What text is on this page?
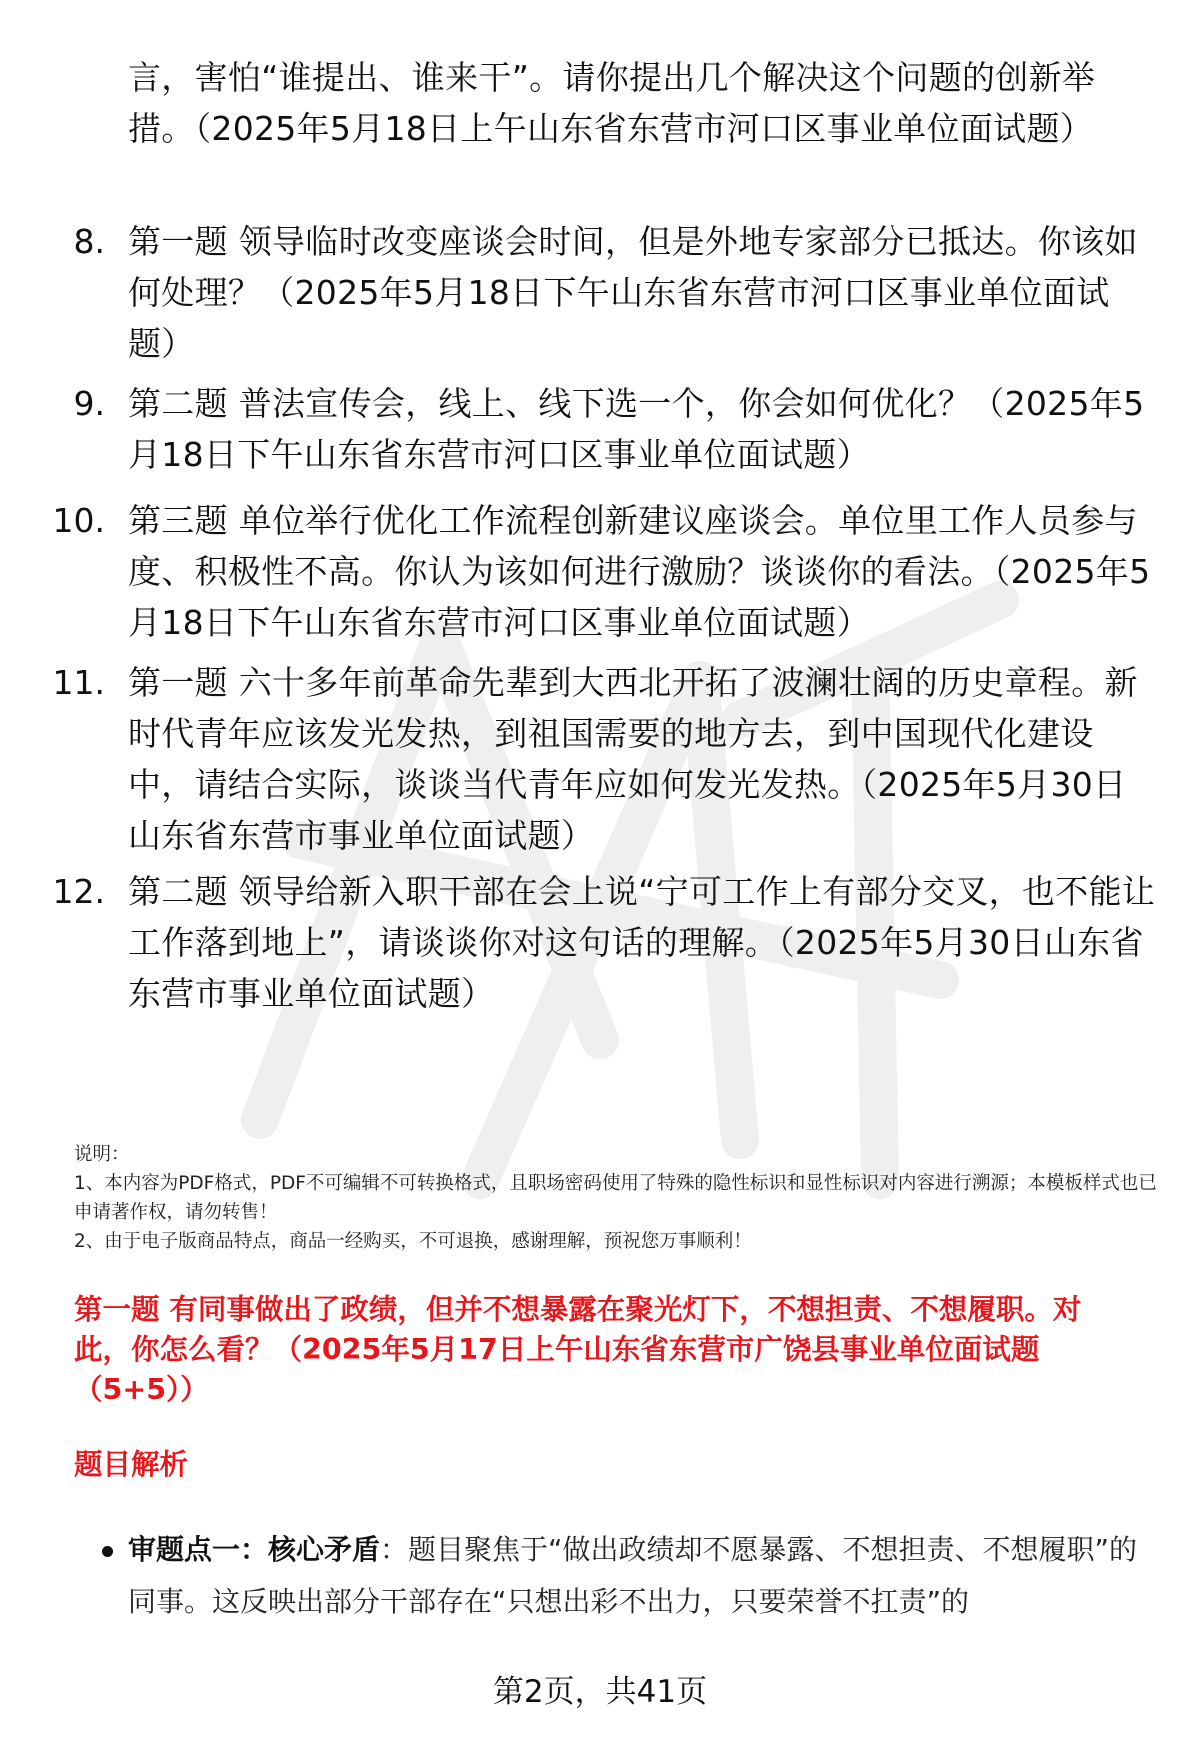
言，害怕“谁提出、谁来干”。请你提出几个解决这个问题的创新举措。（2025年5月18日上午山东省东营市河口区事业单位面试题）
8. 第一题 领导临时改变座谈会时间，但是外地专家部分已抵达。你该如何处理？（2025年5月18日下午山东省东营市河口区事业单位面试题）
9. 第二题 普法宣传会，线上、线下选一个，你会如何优化？（2025年5月18日下午山东省东营市河口区事业单位面试题）
10. 第三题 单位举行优化工作流程创新建议座谈会。单位里工作人员参与度、积极性不高。你认为该如何进行激励？谈谈你的看法。（2025年5月18日下午山东省东营市河口区事业单位面试题）
11. 第一题 六十多年前革命先辈到大西北开拓了波澜壮阔的历史章程。新时代青年应该发光发热，到祖国需要的地方去，到中国现代化建设中，请结合实际，谈谈当代青年应如何发光发热。（2025年5月30日山东省东营市事业单位面试题）
12. 第二题 领导给新入职干部在会上说“宁可工作上有部分交叉，也不能让工作落到地上”，请谈谈你对这句话的理解。（2025年5月30日山东省东营市事业单位面试题）
说明：
1、本内容为PDF格式，PDF不可编辑不可转换格式，且职场密码使用了特殊的隐性标识和显性标识对内容进行溯源；本模板样式也已申请著作权，请勿转售！
2、由于电子版商品特点，商品一经购买，不可退换，感谢理解，预祝您万事顺利！
第一题 有同事做出了政绩，但并不想暴露在聚光灯下，不想担责、不想履职。对此，你怎么看？（2025年5月17日上午山东省东营市广饶县事业单位面试题（5+5））
题目解析
审题点一：核心矛盾：题目聚焦于“做出政绩却不愿暴露、不想担责、不想履职”的同事。这反映出部分干部存在“只想出彩不出力，只要荣誉不扛责”的
第2页，共41页
